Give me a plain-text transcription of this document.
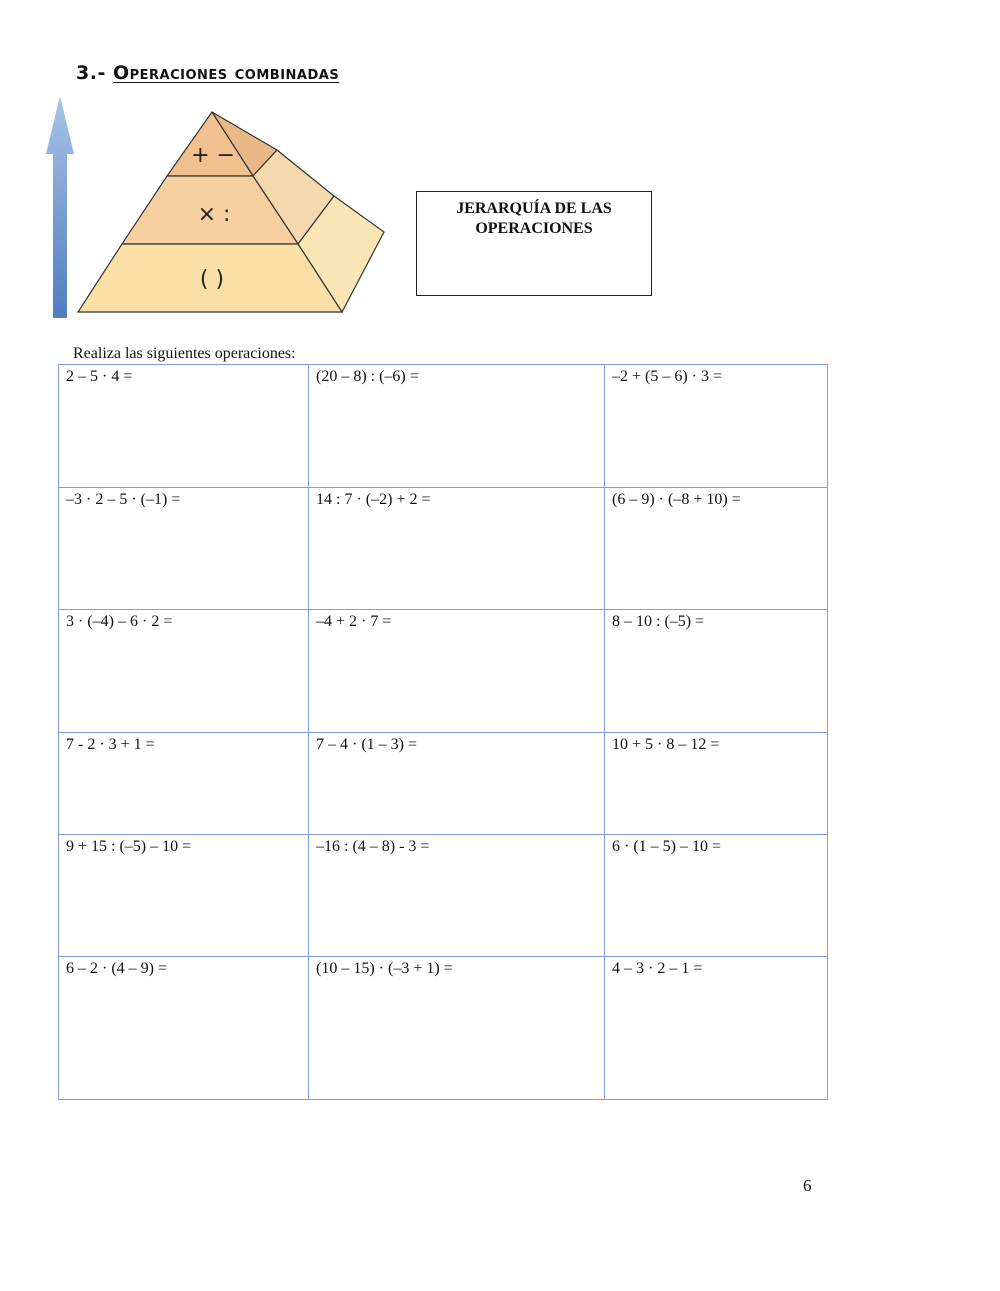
3.- Operaciones combinadas
+ −
× :
( )
JERARQUÍA DE LAS
OPERACIONES
Realiza las siguientes operaciones:
2 – 5 · 4 =	(20 – 8) : (–6) =	–2 + (5 – 6) · 3 =
–3 · 2 – 5 · (–1) =	14 : 7 · (–2) + 2 =	(6 – 9) · (–8 + 10) =
3 · (–4) – 6 · 2 =	–4 + 2 · 7 =	8 – 10 : (–5) =
7 - 2 · 3 + 1 =	7 – 4 · (1 – 3) =	10 + 5 · 8 – 12 =
9 + 15 : (–5) – 10 =	–16 : (4 – 8) - 3 =	6 · (1 – 5) – 10 =
6 – 2 · (4 – 9) =	(10 – 15) · (–3 + 1) =	4 – 3 · 2 – 1 =
6
